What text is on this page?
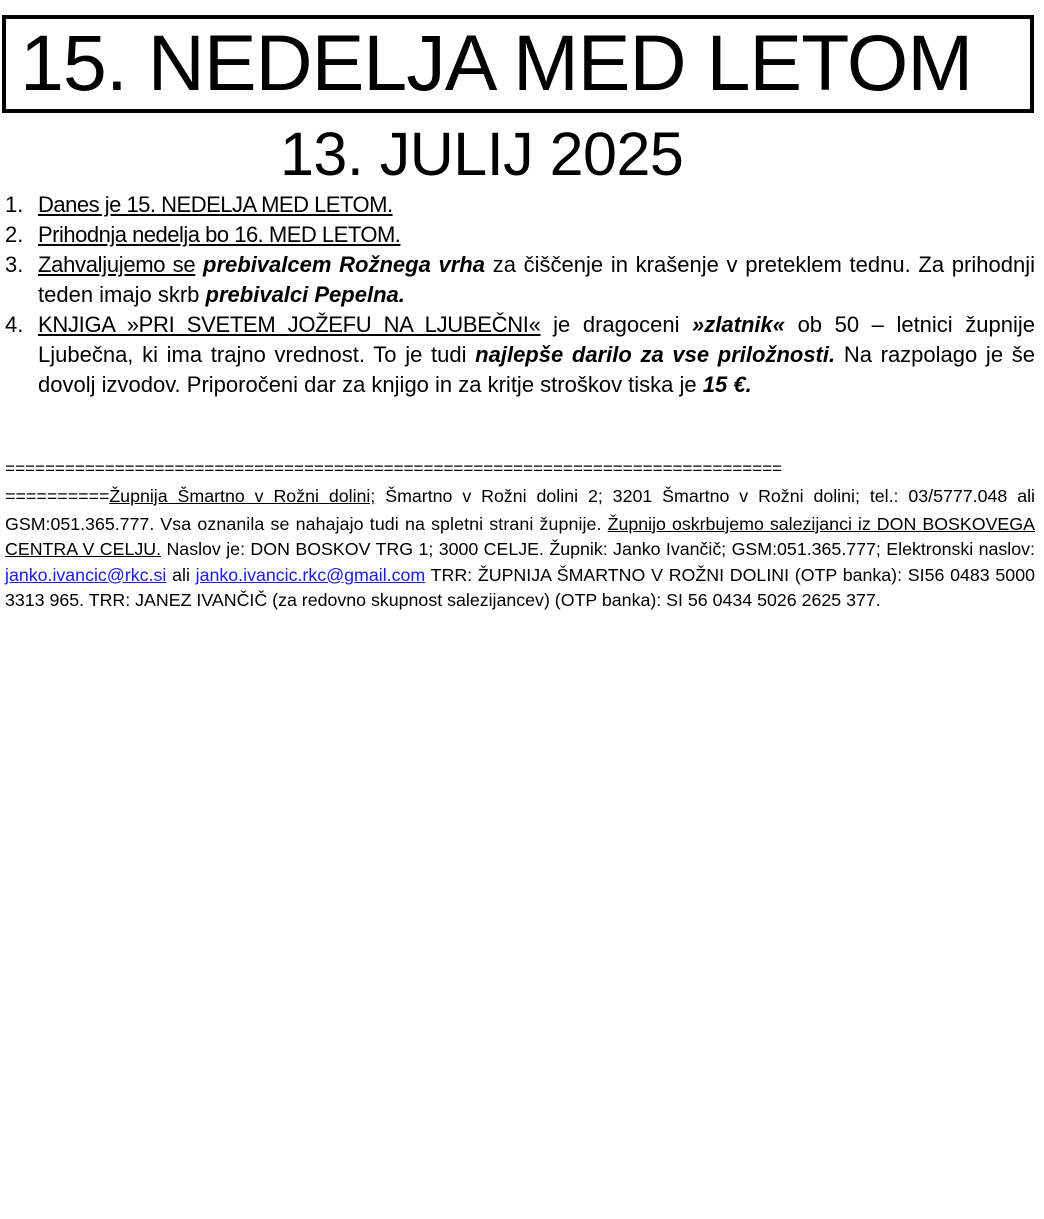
15. NEDELJA MED LETOM
13. JULIJ 2025
1. Danes je 15. NEDELJA MED LETOM.
2. Prihodnja nedelja bo 16. MED LETOM.
3. Zahvaljujemo se prebivalcem Rožnega vrha za čiščenje in krašenje v preteklem tednu. Za prihodnji teden imajo skrb prebivalci Pepelna.
4. KNJIGA »PRI SVETEM JOŽEFU NA LJUBEČNI« je dragoceni »zlatnik« ob 50 – letnici župnije Ljubečna, ki ima trajno vrednost. To je tudi najlepše darilo za vse priložnosti. Na razpolago je še dovolj izvodov. Priporočeni dar za knjigo in za kritje stroškov tiska je 15 €.
==============================================================================
==========Župnija Šmartno v Rožni dolini; Šmartno v Rožni dolini 2; 3201 Šmartno v Rožni dolini; tel.: 03/5777.048 ali GSM:051.365.777. Vsa oznanila se nahajajo tudi na spletni strani župnije. Župnijo oskrbujemo salezijanci iz DON BOSKOVEGA CENTRA V CELJU. Naslov je: DON BOSKOV TRG 1; 3000 CELJE. Župnik: Janko Ivančič; GSM:051.365.777; Elektronski naslov: janko.ivancic@rkc.si ali janko.ivancic.rkc@gmail.com TRR: ŽUPNIJA ŠMARTNO V ROŽNI DOLINI (OTP banka): SI56 0483 5000 3313 965. TRR: JANEZ IVANČIČ (za redovno skupnost salezijancev) (OTP banka): SI 56 0434 5026 2625 377.
